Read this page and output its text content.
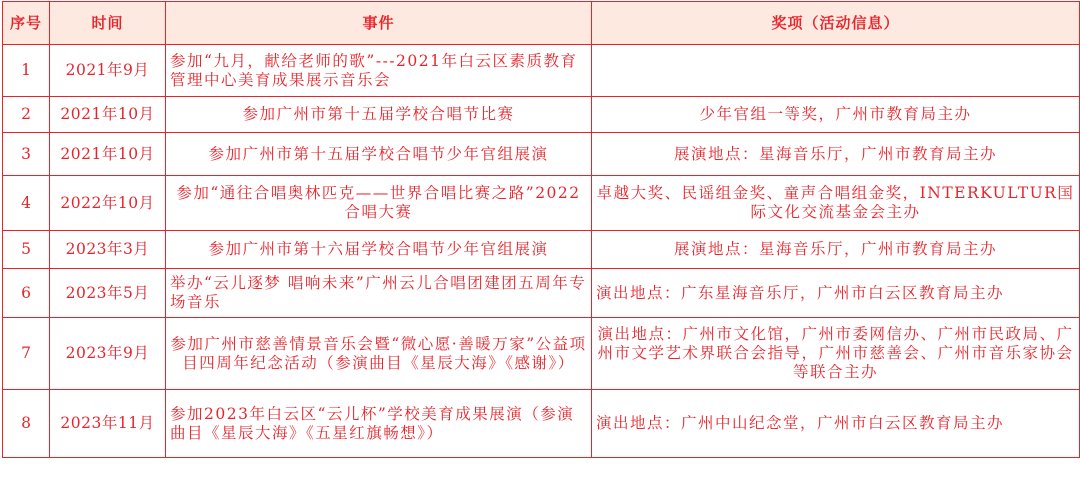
序号	时间	事件	奖项（活动信息）
1	2021年9月	参加“九月，献给老师的歌”---2021年白云区素质教育管理中心美育成果展示音乐会	
2	2021年10月	参加广州市第十五届学校合唱节比赛	少年官组一等奖，广州市教育局主办
3	2021年10月	参加广州市第十五届学校合唱节少年官组展演	展演地点：星海音乐厅，广州市教育局主办
4	2022年10月	参加“通往合唱奥林匹克——世界合唱比赛之路”2022合唱大赛	卓越大奖、民谣组金奖、童声合唱组金奖，INTERKULTUR国际文化交流基金会主办
5	2023年3月	参加广州市第十六届学校合唱节少年官组展演	展演地点：星海音乐厅，广州市教育局主办
6	2023年5月	举办“云儿逐梦 唱响未来”广州云儿合唱团建团五周年专场音乐	演出地点：广东星海音乐厅，广州市白云区教育局主办
7	2023年9月	参加广州市慈善情景音乐会暨“微心愿·善暖万家”公益项目四周年纪念活动（参演曲目《星辰大海》《感谢》）	演出地点：广州市文化馆，广州市委网信办、广州市民政局、广州市文学艺术界联合会指导，广州市慈善会、广州市音乐家协会等联合主办
8	2023年11月	参加2023年白云区“云儿杯”学校美育成果展演（参演曲目《星辰大海》《五星红旗畅想》）	演出地点：广州中山纪念堂，广州市白云区教育局主办
